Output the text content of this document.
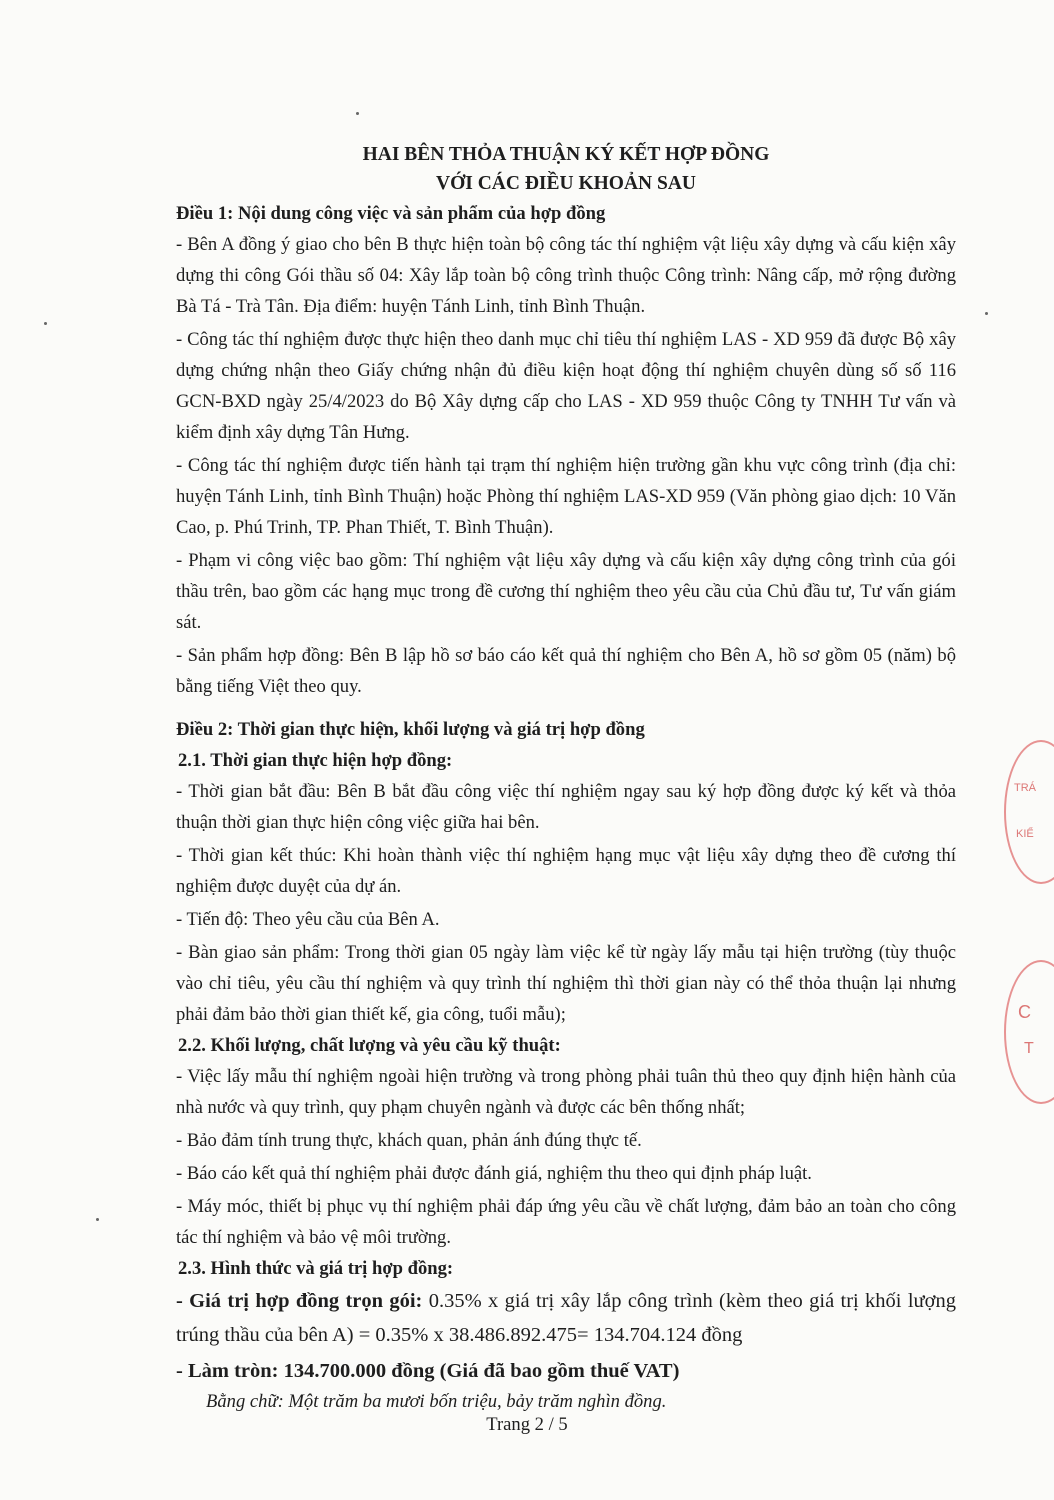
TRÁ
KIỂ
C
T
HAI BÊN THỎA THUẬN KÝ KẾT HỢP ĐỒNG
VỚI CÁC ĐIỀU KHOẢN SAU
Điều 1: Nội dung công việc và sản phẩm của hợp đồng

- Bên A đồng ý giao cho bên B thực hiện toàn bộ công tác thí nghiệm vật liệu xây dựng và cấu kiện xây dựng thi công Gói thầu số 04: Xây lắp toàn bộ công trình thuộc Công trình: Nâng cấp, mở rộng đường Bà Tá - Trà Tân. Địa điểm: huyện Tánh Linh, tỉnh Bình Thuận.

- Công tác thí nghiệm được thực hiện theo danh mục chỉ tiêu thí nghiệm LAS - XD 959 đã được Bộ xây dựng chứng nhận theo Giấy chứng nhận đủ điều kiện hoạt động thí nghiệm chuyên dùng số số 116 GCN-BXD ngày 25/4/2023 do Bộ Xây dựng cấp cho LAS - XD 959 thuộc Công ty TNHH Tư vấn và kiểm định xây dựng Tân Hưng.

- Công tác thí nghiệm được tiến hành tại trạm thí nghiệm hiện trường gần khu vực công trình (địa chỉ: huyện Tánh Linh, tỉnh Bình Thuận) hoặc Phòng thí nghiệm LAS-XD 959 (Văn phòng giao dịch: 10 Văn Cao, p. Phú Trinh, TP. Phan Thiết, T. Bình Thuận).

- Phạm vi công việc bao gồm: Thí nghiệm vật liệu xây dựng và cấu kiện xây dựng công trình của gói thầu trên, bao gồm các hạng mục trong đề cương thí nghiệm theo yêu cầu của Chủ đầu tư, Tư vấn giám sát.

- Sản phẩm hợp đồng: Bên B lập hồ sơ báo cáo kết quả thí nghiệm cho Bên A, hồ sơ gồm 05 (năm) bộ bằng tiếng Việt theo quy.

Điều 2: Thời gian thực hiện, khối lượng và giá trị hợp đồng
2.1. Thời gian thực hiện hợp đồng:

- Thời gian bắt đầu: Bên B bắt đầu công việc thí nghiệm ngay sau ký hợp đồng được ký kết và thỏa thuận thời gian thực hiện công việc giữa hai bên.

- Thời gian kết thúc: Khi hoàn thành việc thí nghiệm hạng mục vật liệu xây dựng theo đề cương thí nghiệm được duyệt của dự án.

- Tiến độ: Theo yêu cầu của Bên A.

- Bàn giao sản phẩm: Trong thời gian 05 ngày làm việc kể từ ngày lấy mẫu tại hiện trường (tùy thuộc vào chỉ tiêu, yêu cầu thí nghiệm và quy trình thí nghiệm thì thời gian này có thể thỏa thuận lại nhưng phải đảm bảo thời gian thiết kế, gia công, tuổi mẫu);

2.2. Khối lượng, chất lượng và yêu cầu kỹ thuật:

- Việc lấy mẫu thí nghiệm ngoài hiện trường và trong phòng phải tuân thủ theo quy định hiện hành của nhà nước và quy trình, quy phạm chuyên ngành và được các bên thống nhất;

- Bảo đảm tính trung thực, khách quan, phản ánh đúng thực tế.

- Báo cáo kết quả thí nghiệm phải được đánh giá, nghiệm thu theo qui định pháp luật.

- Máy móc, thiết bị phục vụ thí nghiệm phải đáp ứng yêu cầu về chất lượng, đảm bảo an toàn cho công tác thí nghiệm và bảo vệ môi trường.

2.3. Hình thức và giá trị hợp đồng:

- Giá trị hợp đồng trọn gói: 0.35% x giá trị xây lắp công trình (kèm theo giá trị khối lượng trúng thầu của bên A) = 0.35% x 38.486.892.475= 134.704.124 đồng

- Làm tròn: 134.700.000 đồng (Giá đã bao gồm thuế VAT)

Bằng chữ: Một trăm ba mươi bốn triệu, bảy trăm nghìn đồng.

Trang 2 / 5
